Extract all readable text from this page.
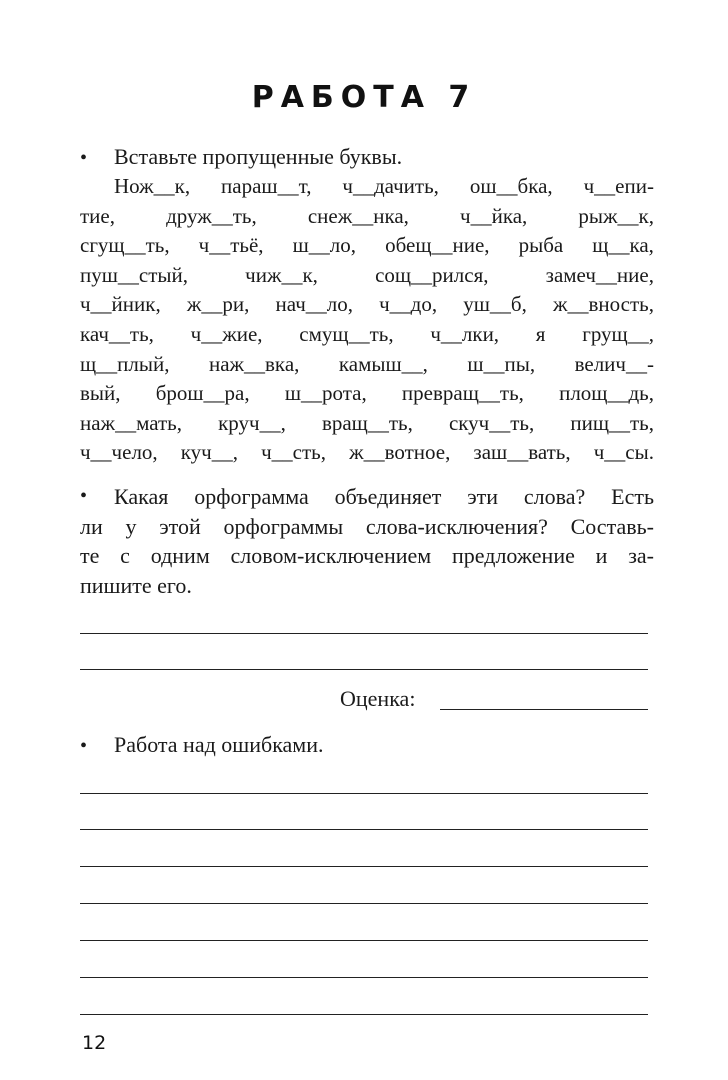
РАБОТА 7
• Вставьте пропущенные буквы.
Нож__к, параш__т, ч__дачить, ош__бка, ч__епи-
тие, друж__ть, снеж__нка, ч__йка, рыж__к,
сгущ__ть, ч__тьё, ш__ло, обещ__ние, рыба щ__ка,
пуш__стый,	чиж__к,	сощ__рился,	замеч__ние,
ч__йник, ж__ри, нач__ло, ч__до, уш__б, ж__вность,
кач__ть, ч__жие, смущ__ть, ч__лки, я грущ__,
щ__плый, наж__вка, камыш__, ш__пы, велич__-
вый, брош__ра, ш__рота, превращ__ть, площ__дь,
наж__мать, круч__, вращ__ть, скуч__ть, пищ__ть,
ч__чело, куч__, ч__сть, ж__вотное, заш__вать, ч__сы.
•	Какая орфограмма объединяет эти слова? Есть
ли у этой орфограммы слова-исключения? Составь-
те с одним словом-исключением предложение и за-
пишите его.
Оценка:
• Работа над ошибками.
12
